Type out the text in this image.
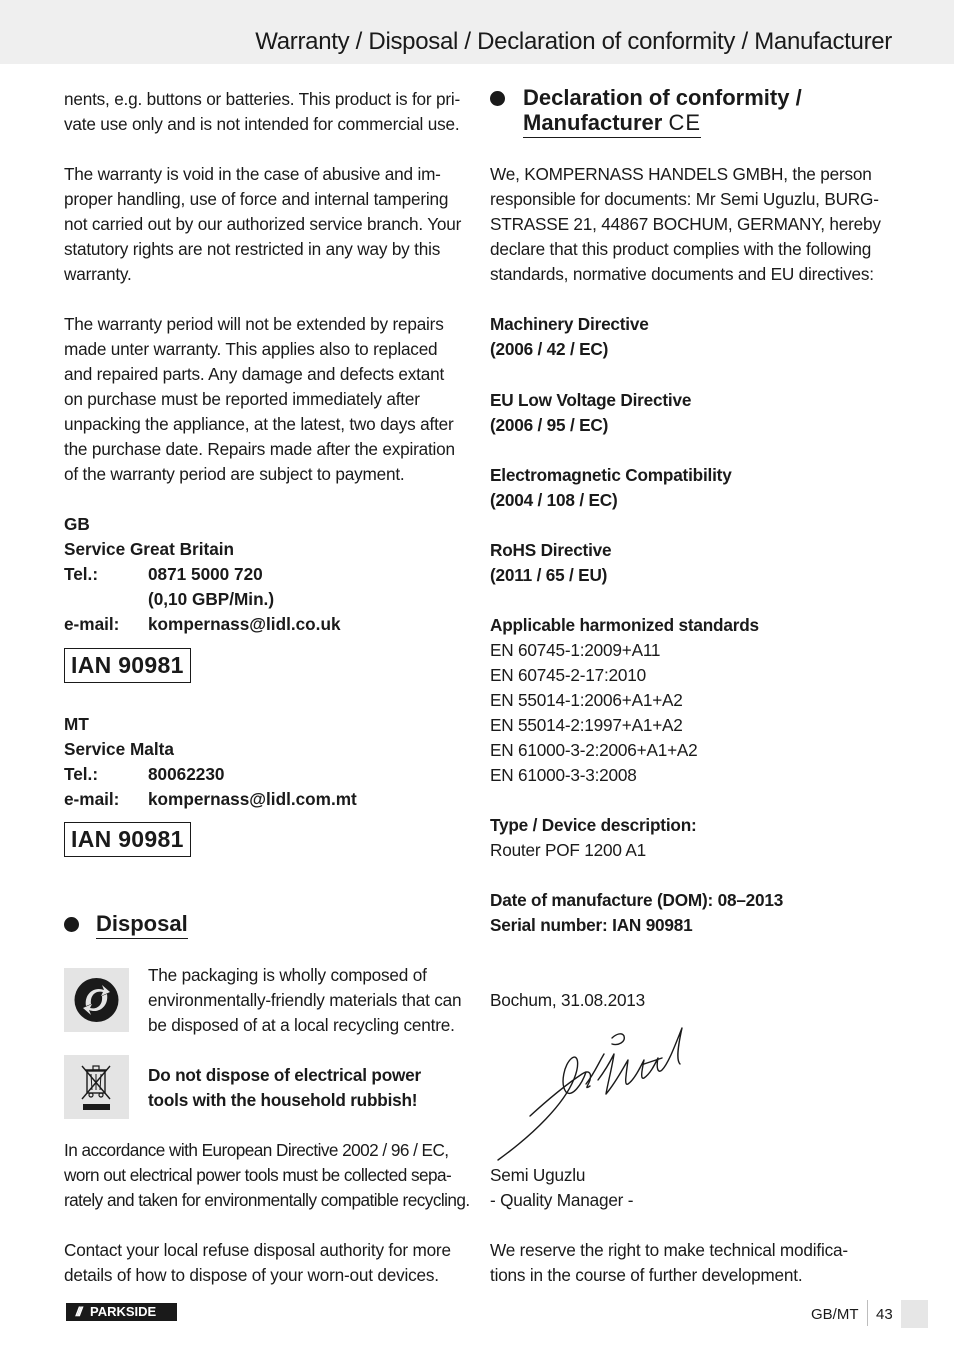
Warranty / Disposal / Declaration of conformity / Manufacturer
nents, e.g. buttons or batteries. This product is for pri-
vate use only and is not intended for commercial use.
The warranty is void in the case of abusive and im-
proper handling, use of force and internal tampering
not carried out by our authorized service branch. Your
statutory rights are not restricted in any way by this
warranty.
The warranty period will not be extended by repairs
made unter warranty. This applies also to replaced
and repaired parts. Any damage and defects extant
on purchase must be reported immediately after
unpacking the appliance, at the latest, two days after
the purchase date. Repairs made after the expiration
of the warranty period are subject to payment.
GB
Service Great Britain
Tel.:	0871 5000 720
(0,10 GBP/Min.)
e-mail: kompernass@lidl.co.uk
IAN 90981
MT
Service Malta
Tel.:	80062230
e-mail: kompernass@lidl.com.mt
IAN 90981
Disposal
The packaging is wholly composed of
environmentally-friendly materials that can
be disposed of at a local recycling centre.
Do not dispose of electrical power
tools with the household rubbish!
In accordance with European Directive 2002 / 96 / EC,
worn out electrical power tools must be collected sepa-
rately and taken for environmentally compatible recycling.
Contact your local refuse disposal authority for more
details of how to dispose of your worn-out devices.
Declaration of conformity /
Manufacturer CE
We, KOMPERNASS HANDELS GMBH, the person
responsible for documents: Mr Semi Uguzlu, BURG-
STRASSE 21, 44867 BOCHUM, GERMANY, hereby
declare that this product complies with the following
standards, normative documents and EU directives:
Machinery Directive
(2006 / 42 / EC)
EU Low Voltage Directive
(2006 / 95 / EC)
Electromagnetic Compatibility
(2004 / 108 / EC)
RoHS Directive
(2011 / 65 / EU)
Applicable harmonized standards
EN 60745-1:2009+A11
EN 60745-2-17:2010
EN 55014-1:2006+A1+A2
EN 55014-2:1997+A1+A2
EN 61000-3-2:2006+A1+A2
EN 61000-3-3:2008
Type / Device description:
Router POF 1200 A1
Date of manufacture (DOM): 08–2013
Serial number: IAN 90981
Bochum, 31.08.2013
Semi Uguzlu
- Quality Manager -
We reserve the right to make technical modifica-
tions in the course of further development.
/// PARKSIDE	GB/MT 43
